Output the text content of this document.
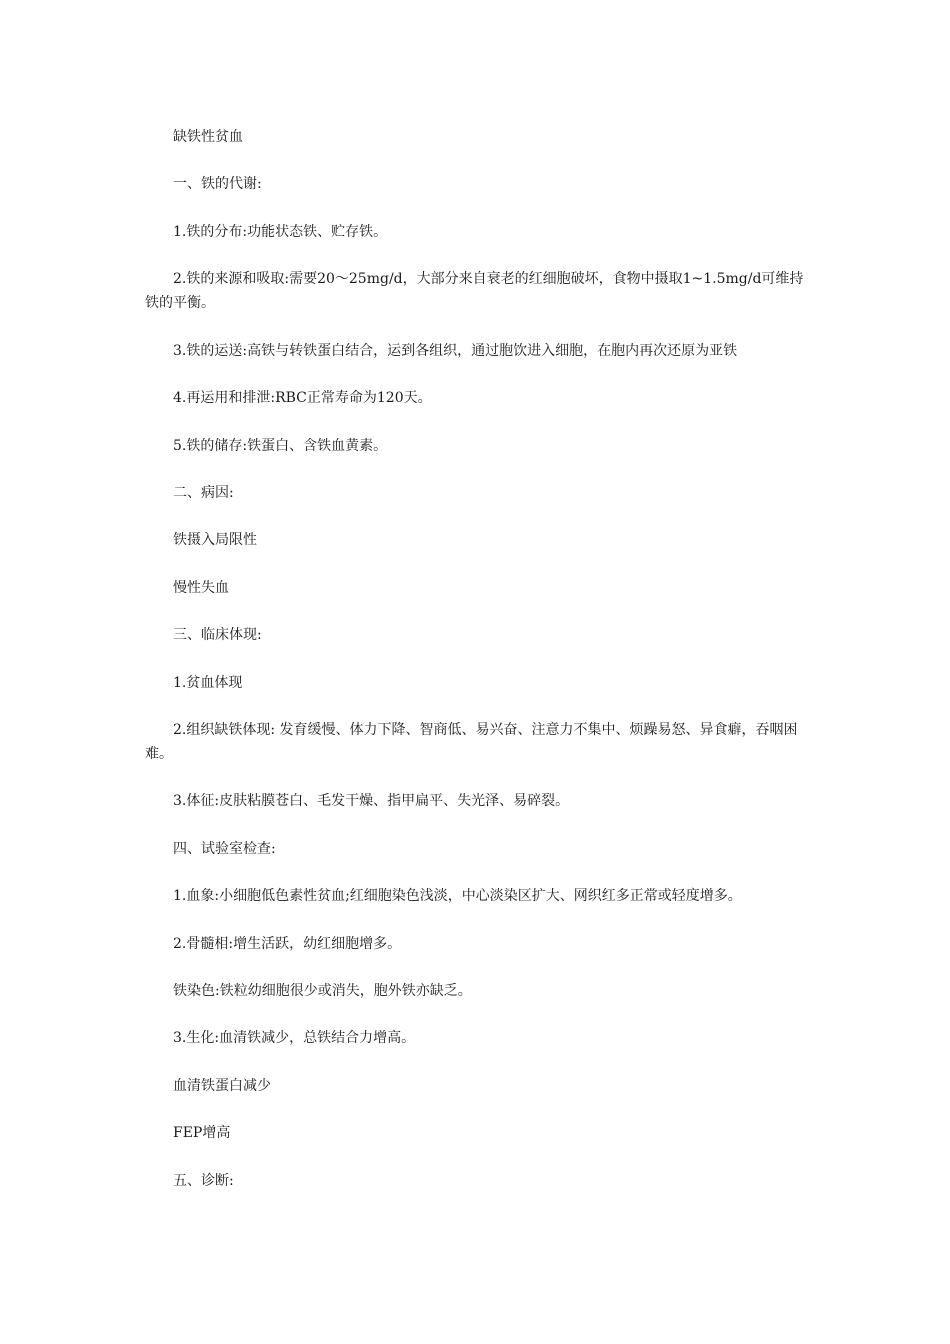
缺铁性贫血
一、铁的代谢:
1.铁的分布:功能状态铁、贮存铁。
2.铁的来源和吸取:需要20～25mg/d，大部分来自衰老的红细胞破坏，食物中摄取1~1.5mg/d可维持铁的平衡。
3.铁的运送:高铁与转铁蛋白结合，运到各组织，通过胞饮进入细胞，在胞内再次还原为亚铁
4.再运用和排泄:RBC正常寿命为120天。
5.铁的储存:铁蛋白、含铁血黄素。
二、病因:
铁摄入局限性
慢性失血
三、临床体现:
1.贫血体现
2.组织缺铁体现: 发育缓慢、体力下降、智商低、易兴奋、注意力不集中、烦躁易怒、异食癖，吞咽困难。
3.体征:皮肤粘膜苍白、毛发干燥、指甲扁平、失光泽、易碎裂。
四、试验室检查:
1.血象:小细胞低色素性贫血;红细胞染色浅淡，中心淡染区扩大、网织红多正常或轻度增多。
2.骨髓相:增生活跃，幼红细胞增多。
铁染色:铁粒幼细胞很少或消失，胞外铁亦缺乏。
3.生化:血清铁减少，总铁结合力增高。
血清铁蛋白减少
FEP增高
五、诊断:
